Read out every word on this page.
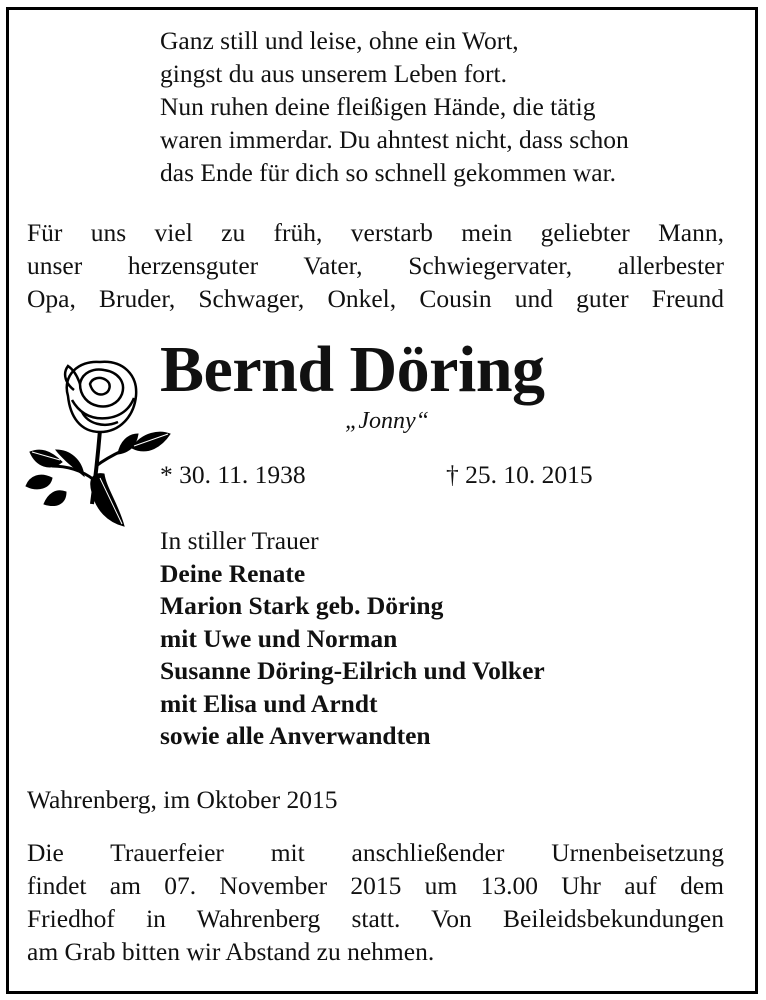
Ganz still und leise, ohne ein Wort,
gingst du aus unserem Leben fort.
Nun ruhen deine fleißigen Hände, die tätig
waren immerdar. Du ahntest nicht, dass schon
das Ende für dich so schnell gekommen war.
Für uns viel zu früh, verstarb mein geliebter Mann,
unser herzensguter Vater, Schwiegervater, allerbester
Opa, Bruder, Schwager, Onkel, Cousin und guter Freund
Bernd Döring
„Jonny“
* 30. 11. 1938	† 25. 10. 2015
In stiller Trauer
Deine Renate
Marion Stark geb. Döring
mit Uwe und Norman
Susanne Döring-Eilrich und Volker
mit Elisa und Arndt
sowie alle Anverwandten
Wahrenberg, im Oktober 2015
Die Trauerfeier mit anschließender Urnenbeisetzung
findet am 07. November 2015 um 13.00 Uhr auf dem
Friedhof in Wahrenberg statt. Von Beileidsbekundungen
am Grab bitten wir Abstand zu nehmen.
